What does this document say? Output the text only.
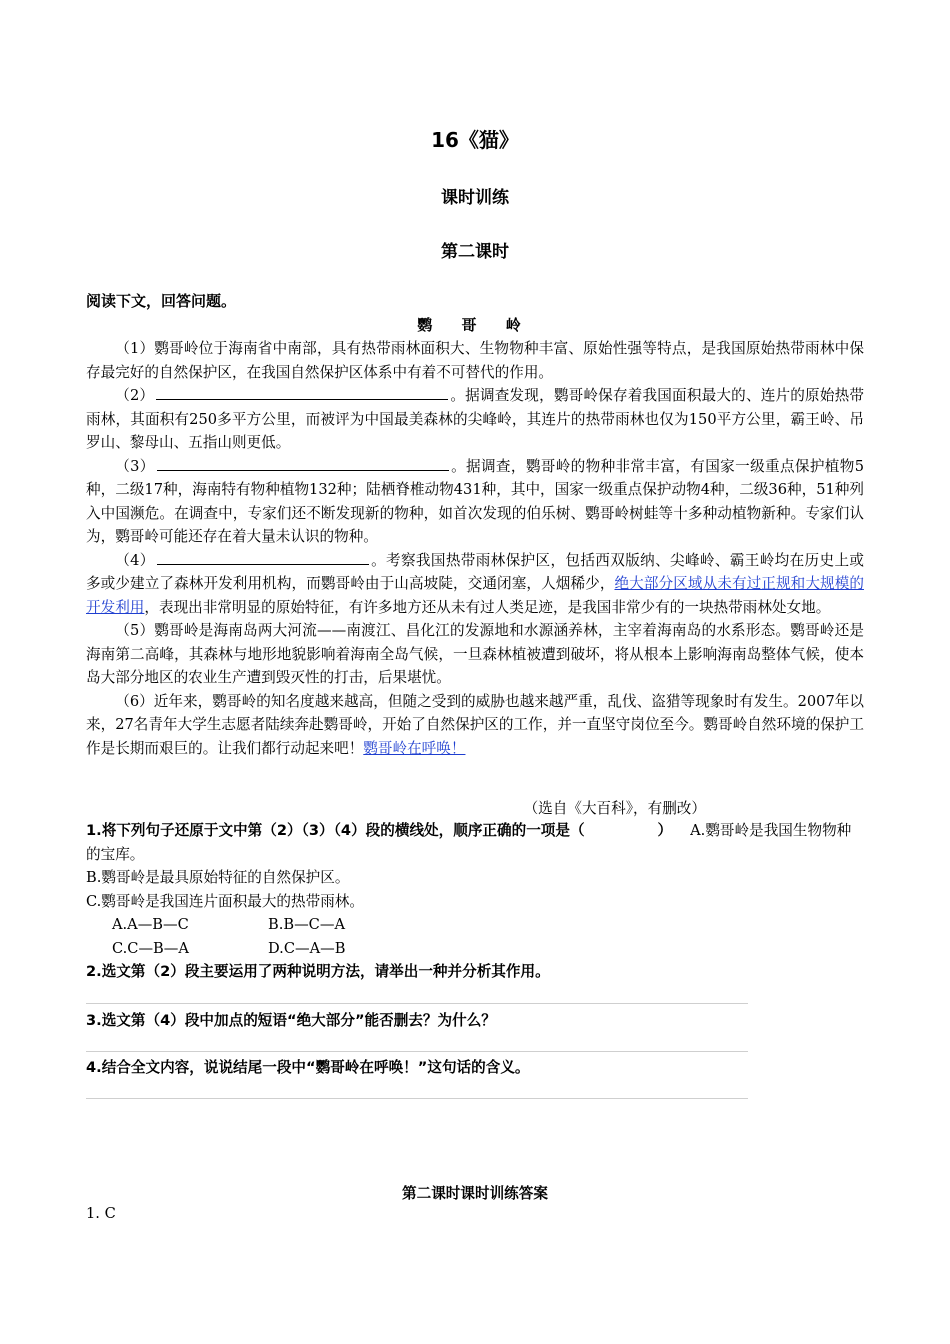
16《猫》
课时训练
第二课时
阅读下文，回答问题。
鹦 哥 岭

（1）鹦哥岭位于海南省中南部，具有热带雨林面积大、生物物种丰富、原始性强等特点，是我国原始热带雨林中保存最完好的自然保护区，在我国自然保护区体系中有着不可替代的作用。

（2）	。据调查发现，鹦哥岭保存着我国面积最大的、连片的原始热带雨林，其面积有250多平方公里，而被评为中国最美森林的尖峰岭，其连片的热带雨林也仅为150平方公里，霸王岭、吊罗山、黎母山、五指山则更低。

（3）	。据调查，鹦哥岭的物种非常丰富，有国家一级重点保护植物5种，二级17种，海南特有物种植物132种；陆栖脊椎动物431种，其中，国家一级重点保护动物4种，二级36种，51种列入中国濒危。在调查中，专家们还不断发现新的物种，如首次发现的伯乐树、鹦哥岭树蛙等十多种动植物新种。专家们认为，鹦哥岭可能还存在着大量未认识的物种。

（4）	。考察我国热带雨林保护区，包括西双版纳、尖峰岭、霸王岭均在历史上或多或少建立了森林开发利用机构，而鹦哥岭由于山高坡陡，交通闭塞，人烟稀少，绝大部分区域从未有过正规和大规模的开发利用，表现出非常明显的原始特征，有许多地方还从未有过人类足迹，是我国非常少有的一块热带雨林处女地。

（5）鹦哥岭是海南岛两大河流——南渡江、昌化江的发源地和水源涵养林，主宰着海南岛的水系形态。鹦哥岭还是海南第二高峰，其森林与地形地貌影响着海南全岛气候，一旦森林植被遭到破坏，将从根本上影响海南岛整体气候，使本岛大部分地区的农业生产遭到毁灭性的打击，后果堪忧。

（6）近年来，鹦哥岭的知名度越来越高，但随之受到的威胁也越来越严重，乱伐、盗猎等现象时有发生。2007年以来，27名青年大学生志愿者陆续奔赴鹦哥岭，开始了自然保护区的工作，并一直坚守岗位至今。鹦哥岭自然环境的保护工作是长期而艰巨的。让我们都行动起来吧！鹦哥岭在呼唤！

（选自《大百科》，有删改）
1.将下列句子还原于文中第（2）（3）（4）段的横线处，顺序正确的一项是（　　　　　） A.鹦哥岭是我国生物物种的宝库。
B.鹦哥岭是最具原始特征的自然保护区。
C.鹦哥岭是我国连片面积最大的热带雨林。
A.A—B—C	B.B—C—A
C.C—B—A	D.C—A—B
2.选文第（2）段主要运用了两种说明方法，请举出一种并分析其作用。
3.选文第（4）段中加点的短语“绝大部分”能否删去？为什么？
4.结合全文内容，说说结尾一段中“鹦哥岭在呼唤！”这句话的含义。
第二课时课时训练答案
1. C
